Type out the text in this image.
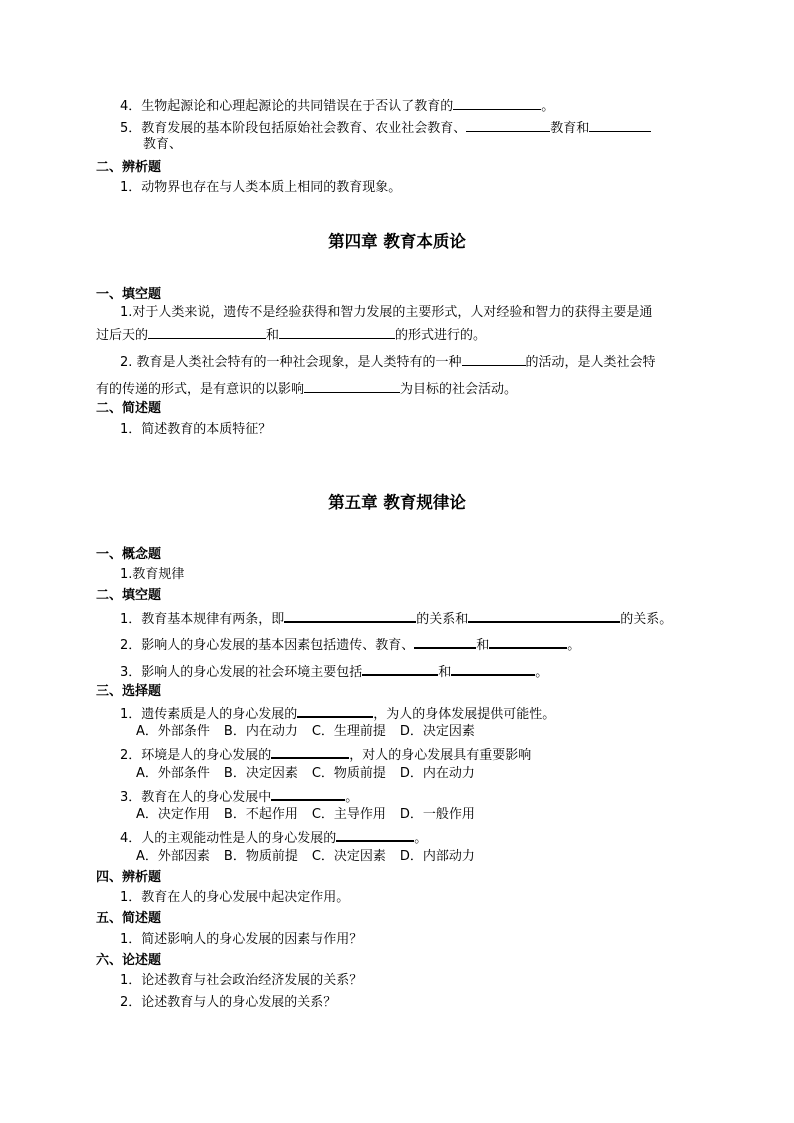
4．生物起源论和心理起源论的共同错误在于否认了教育的	。
5．教育发展的基本阶段包括原始社会教育、农业社会教育、	教育和
教育、
二、辨析题
1．动物界也存在与人类本质上相同的教育现象。
第四章 教育本质论
一、填空题
1.对于人类来说，遗传不是经验获得和智力发展的主要形式，人对经验和智力的获得主要是通
过后天的	和	的形式进行的。
2. 教育是人类社会特有的一种社会现象，是人类特有的一种	的活动，是人类社会特
有的传递的形式，是有意识的以影响	为目标的社会活动。
二、简述题
1．简述教育的本质特征？
第五章 教育规律论
一、概念题
1.教育规律
二、填空题
1．教育基本规律有两条，即	的关系和	的关系。
2．影响人的身心发展的基本因素包括遗传、教育、	和	。
3．影响人的身心发展的社会环境主要包括	和	。
三、选择题
1．遗传素质是人的身心发展的	，为人的身体发展提供可能性。
A．外部条件 B．内在动力 C．生理前提 D．决定因素
2．环境是人的身心发展的	，对人的身心发展具有重要影响
A．外部条件 B．决定因素 C．物质前提 D．内在动力
3．教育在人的身心发展中	。
A．决定作用 B．不起作用 C．主导作用 D．一般作用
4．人的主观能动性是人的身心发展的	。
A．外部因素 B．物质前提 C．决定因素 D．内部动力
四、辨析题
1．教育在人的身心发展中起决定作用。
五、简述题
1．简述影响人的身心发展的因素与作用？
六、论述题
1．论述教育与社会政治经济发展的关系？
2．论述教育与人的身心发展的关系？
